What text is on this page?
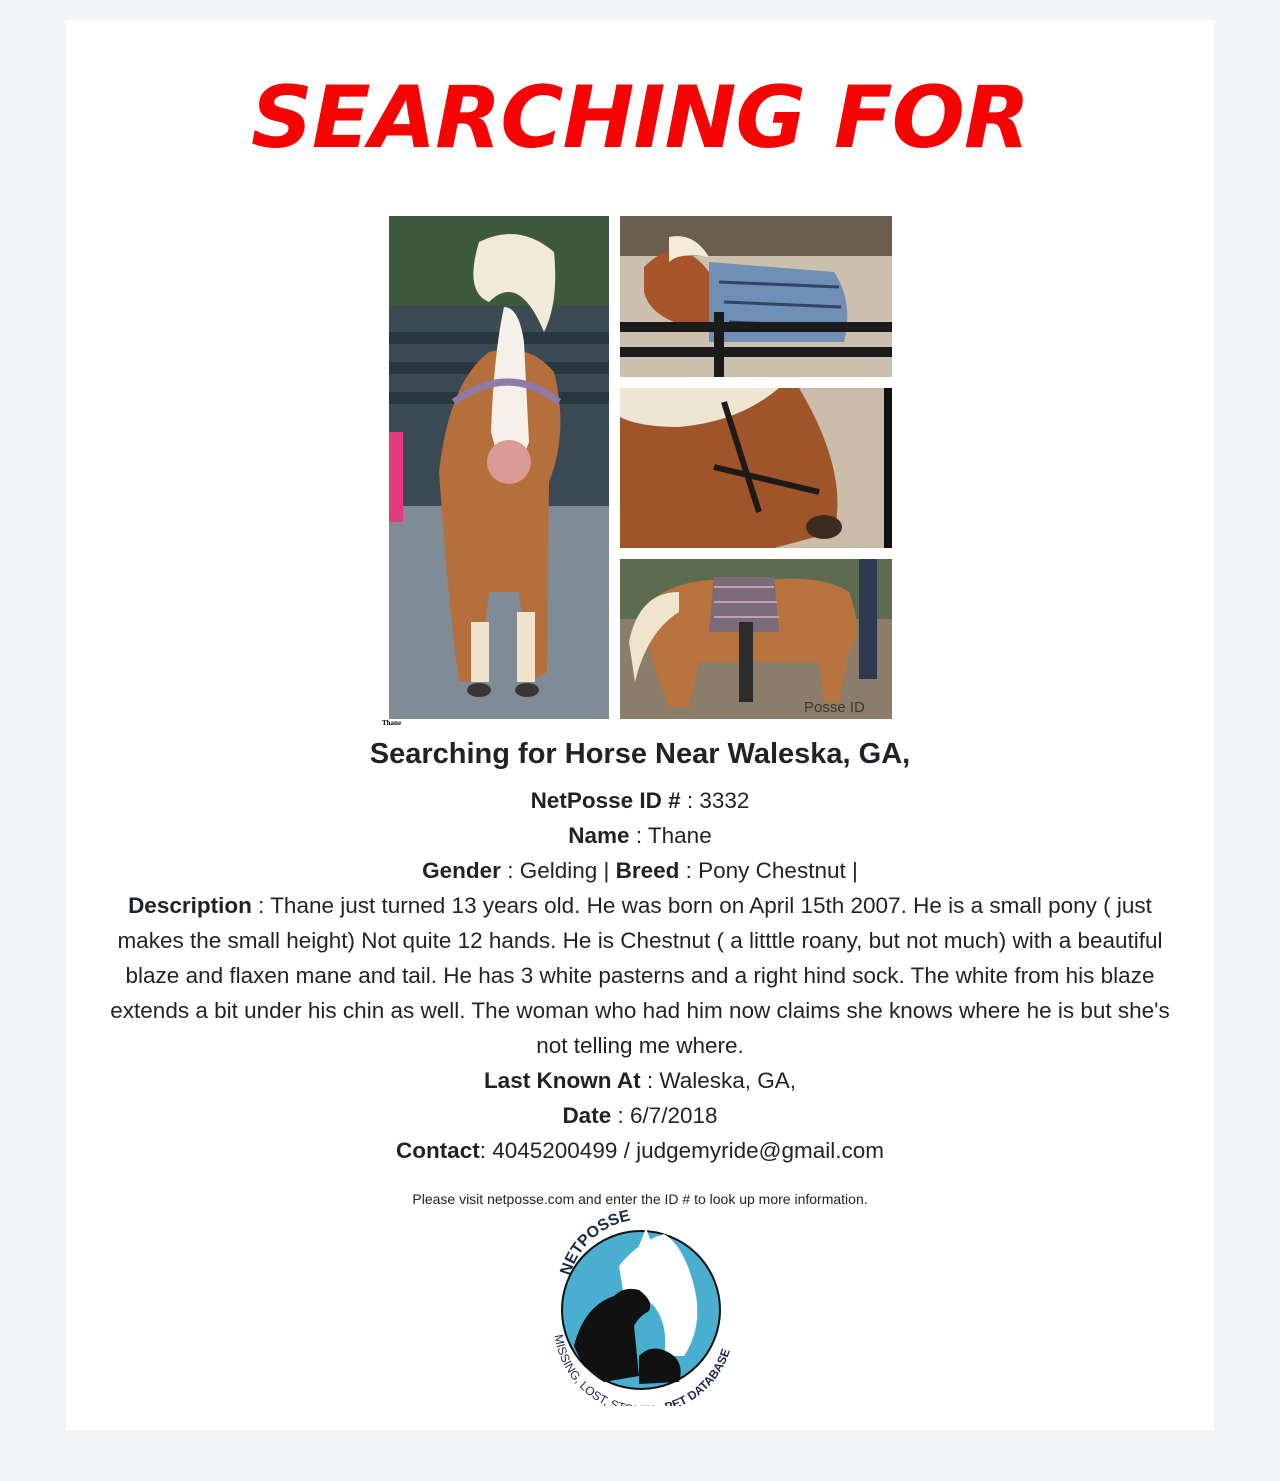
SEARCHING FOR
Posse ID
Thane
Searching for Horse Near Waleska, GA,

NetPosse ID # : 3332

Name : Thane

Gender : Gelding | Breed : Pony Chestnut |

Description : Thane just turned 13 years old. He was born on April 15th 2007. He is a small pony ( just makes the small height) Not quite 12 hands. He is Chestnut ( a litttle roany, but not much) with a beautiful blaze and flaxen mane and tail. He has 3 white pasterns and a right hind sock. The white from his blaze extends a bit under his chin as well. The woman who had him now claims she knows where he is but she's not telling me where.

Last Known At : Waleska, GA,

Date : 6/7/2018

Contact: 4045200499 / judgemyride@gmail.com

Please visit netposse.com and enter the ID # to look up more information.
NETPOSSE
MISSING, LOST, S	ET DATABASE
